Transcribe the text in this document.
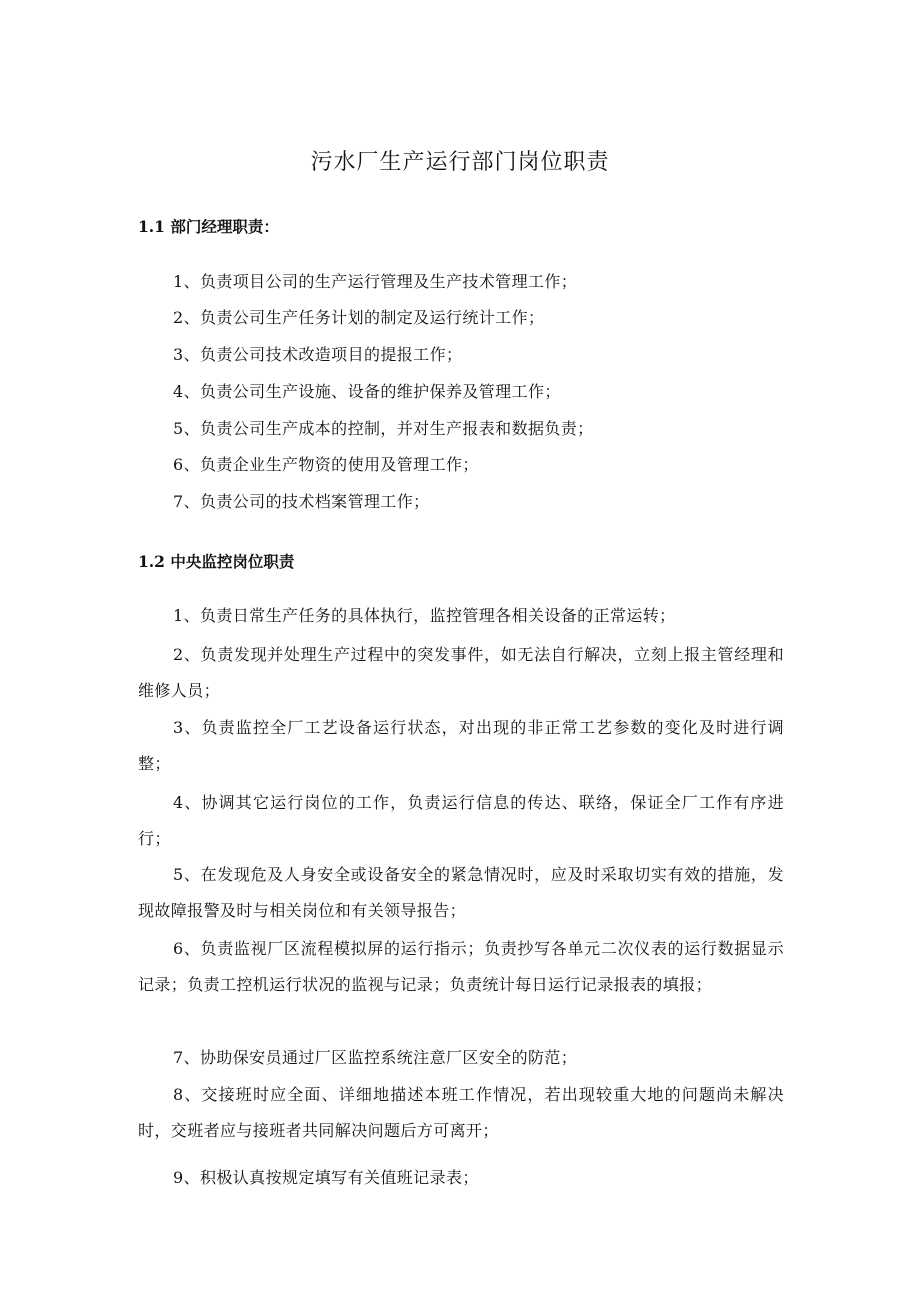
污水厂生产运行部门岗位职责
1.1 部门经理职责：
1、负责项目公司的生产运行管理及生产技术管理工作；
2、负责公司生产任务计划的制定及运行统计工作；
3、负责公司技术改造项目的提报工作；
4、负责公司生产设施、设备的维护保养及管理工作；
5、负责公司生产成本的控制，并对生产报表和数据负责；
6、负责企业生产物资的使用及管理工作；
7、负责公司的技术档案管理工作；
1.2 中央监控岗位职责
1、负责日常生产任务的具体执行，监控管理各相关设备的正常运转；
2、负责发现并处理生产过程中的突发事件，如无法自行解决，立刻上报主管经理和维修人员；
3、负责监控全厂工艺设备运行状态，对出现的非正常工艺参数的变化及时进行调整；
4、协调其它运行岗位的工作，负责运行信息的传达、联络，保证全厂工作有序进行；
5、在发现危及人身安全或设备安全的紧急情况时，应及时采取切实有效的措施，发现故障报警及时与相关岗位和有关领导报告；
6、负责监视厂区流程模拟屏的运行指示；负责抄写各单元二次仪表的运行数据显示记录；负责工控机运行状况的监视与记录；负责统计每日运行记录报表的填报；
7、协助保安员通过厂区监控系统注意厂区安全的防范；
8、交接班时应全面、详细地描述本班工作情况，若出现较重大地的问题尚未解决时，交班者应与接班者共同解决问题后方可离开；
9、积极认真按规定填写有关值班记录表；
